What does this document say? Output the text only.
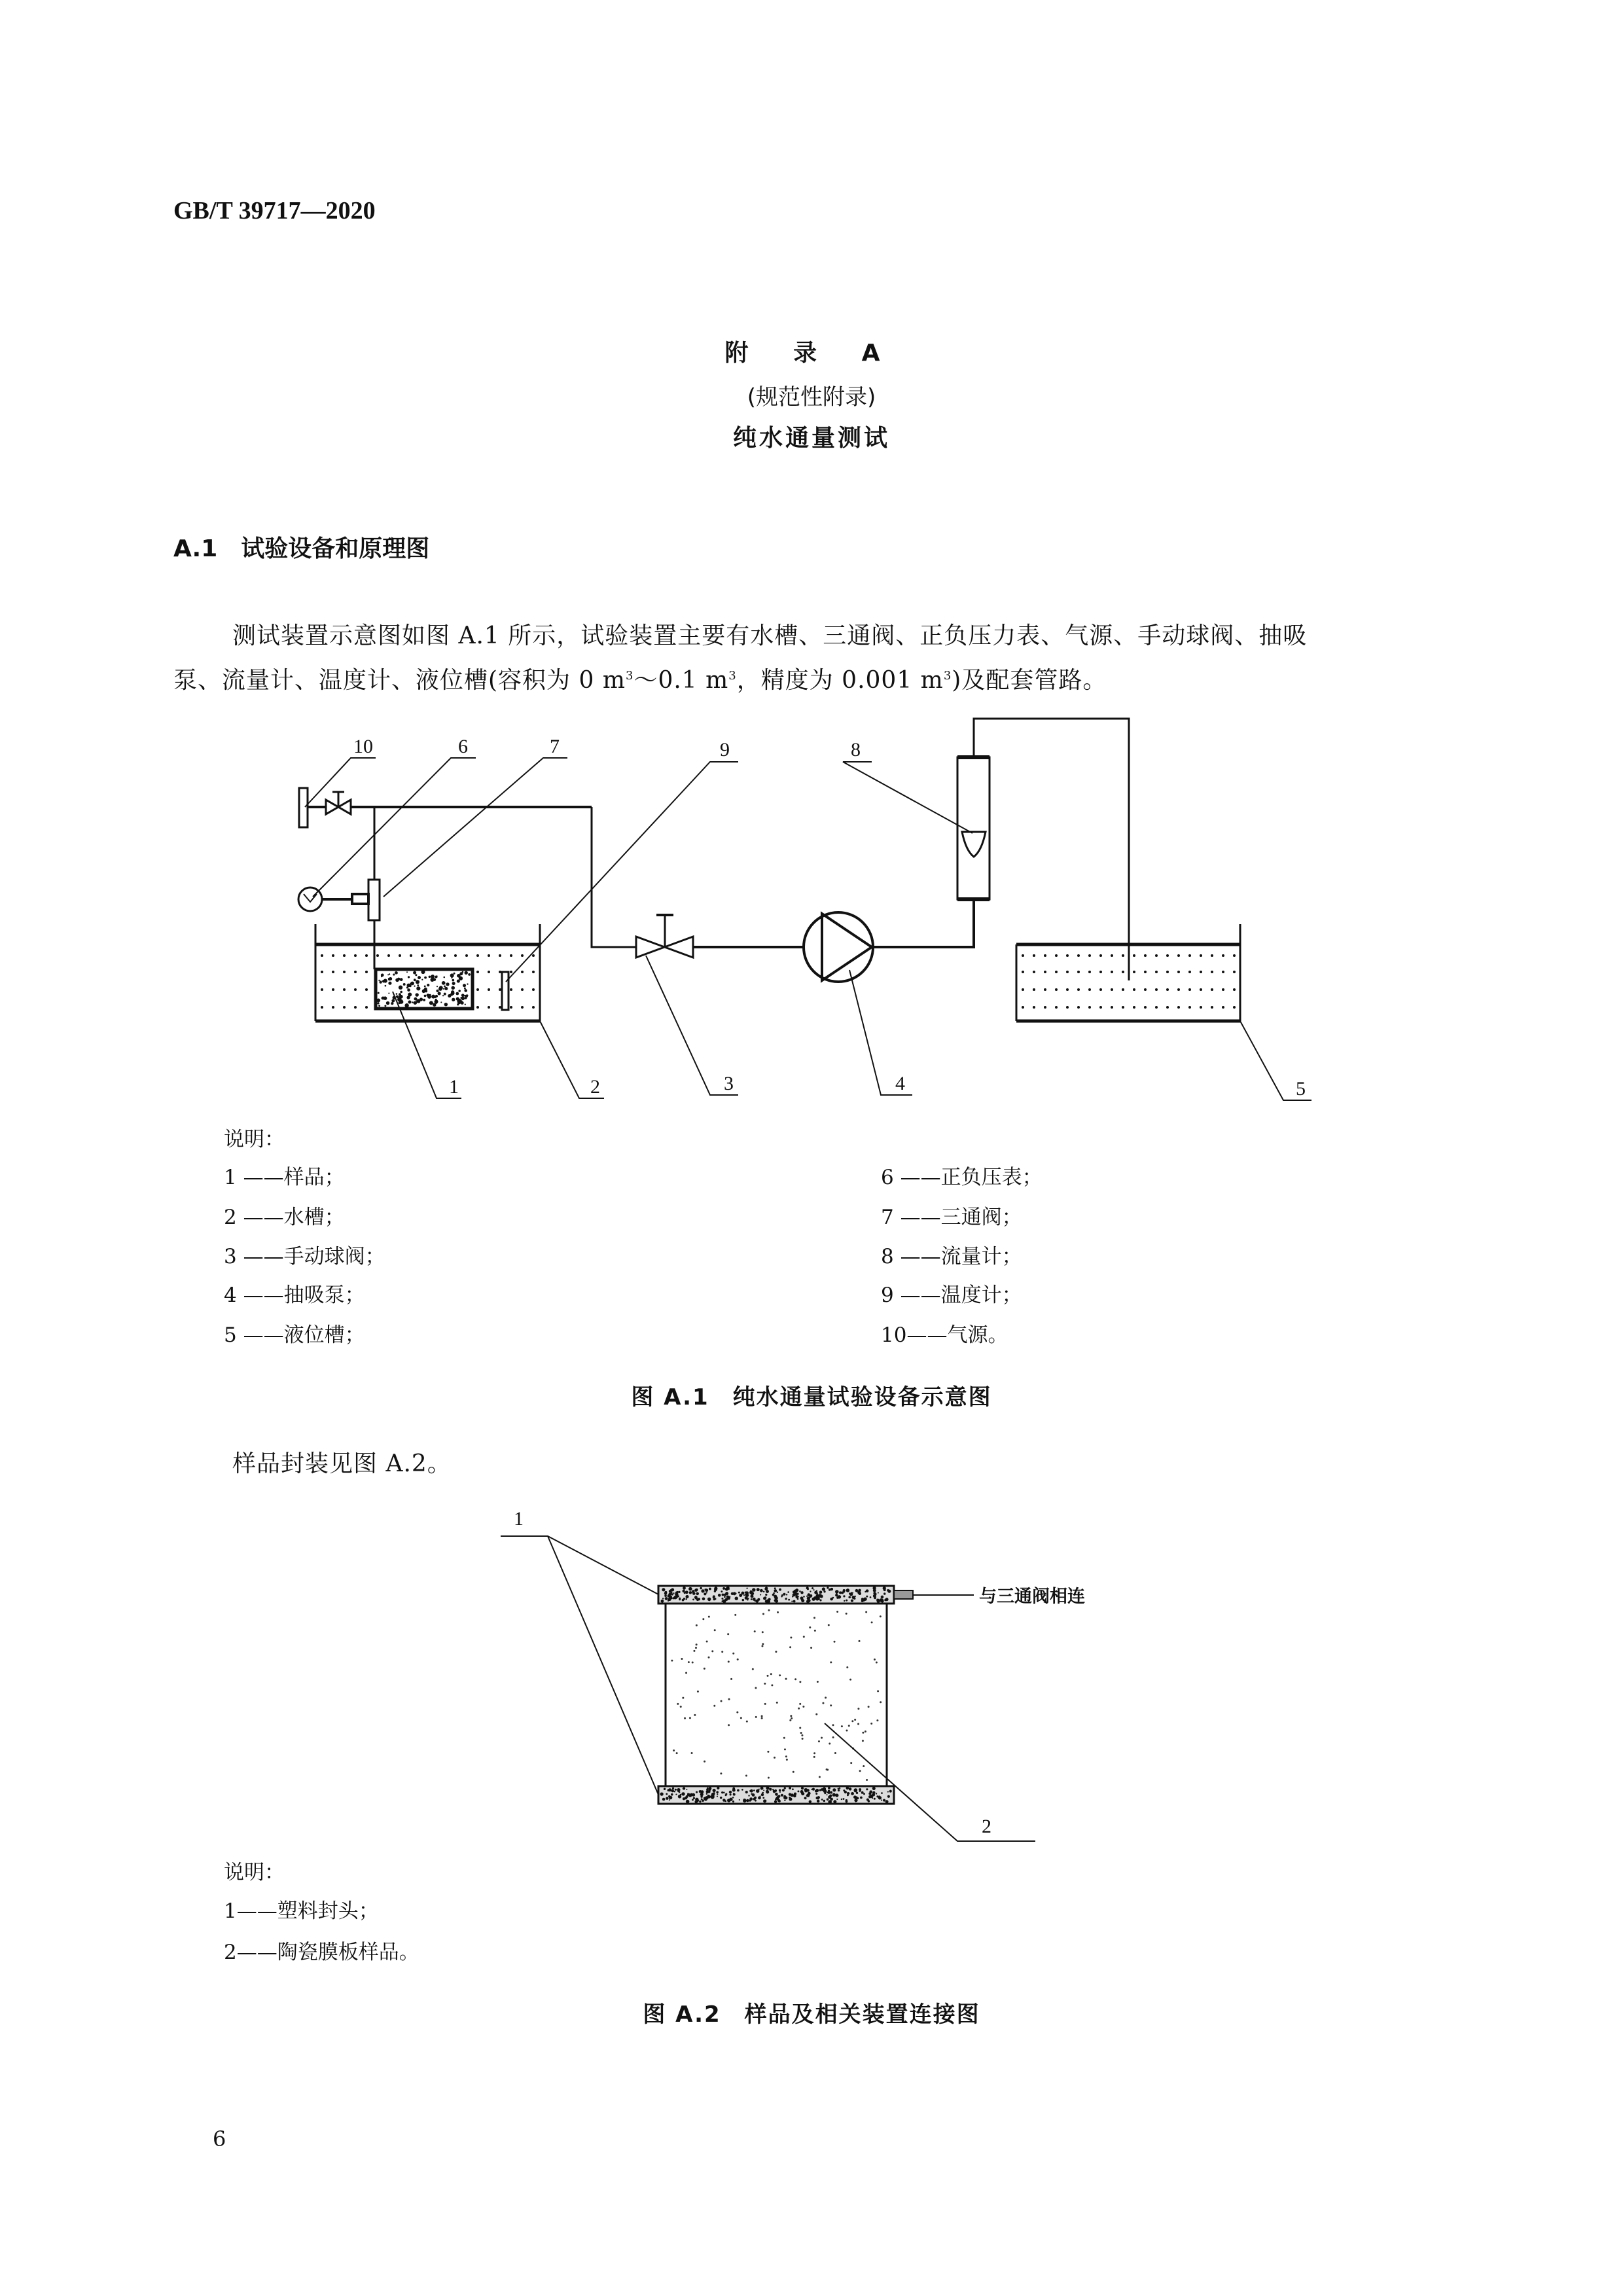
GB/T 39717—2020
附 录 A
(规范性附录)
纯水通量测试
A.1 试验设备和原理图
测试装置示意图如图 A.1 所示，试验装置主要有水槽、三通阀、正负压力表、气源、手动球阀、抽吸
泵、流量计、温度计、液位槽(容积为 0 $m^3\sim 0.1$ $m^3$，精度为 0.001 $m^3$)及配套管路。
1	2	3	4	5
6	7	8
9
10
1
2
与三通阀相连
说明：
1 ——样品；
2 ——水槽；
3 ——手动球阀；
4 ——抽吸泵；
5 ——液位槽；
6 ——正负压表；
7 ——三通阀；
8 ——流量计；
9 ——温度计；
10——气源。
图 A.1　纯水通量试验设备示意图
样品封装见图 A.2。
说明：
1——塑料封头；
2——陶瓷膜板样品。
图 A.2　样品及相关装置连接图
6
